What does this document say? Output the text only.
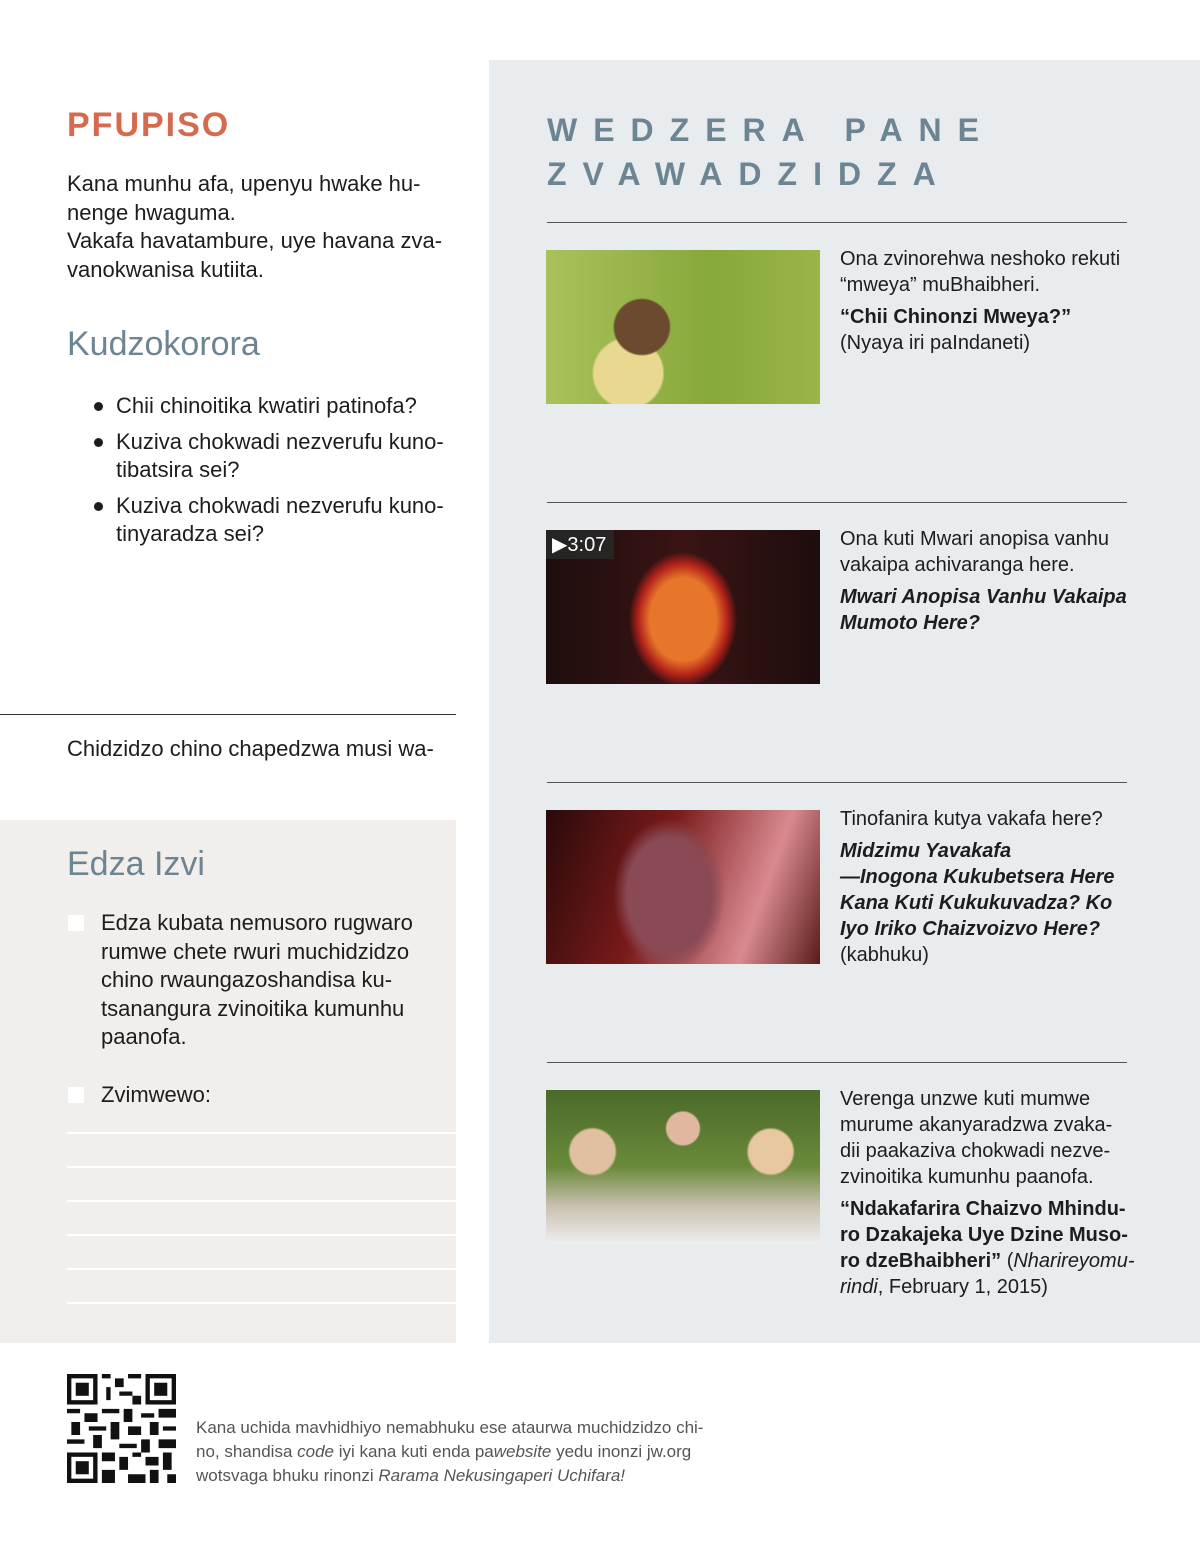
PFUPISO
Kana munhu afa, upenyu hwake hu-
nenge hwaguma.
Vakafa havatambure, uye havana zva-
vanokwanisa kutiita.
Kudzokorora
Chii chinoitika kwatiri patinofa?
Kuziva chokwadi nezverufu kuno-
tibatsira sei?
Kuziva chokwadi nezverufu kuno-
tinyaradza sei?
Chidzidzo chino chapedzwa musi wa-
Edza Izvi
Edza kubata nemusoro rugwaro
rumwe chete rwuri muchidzidzo
chino rwaungazoshandisa ku-
tsanangura zvinoitika kumunhu
paanofa.
Zvimwewo:
WEDZERA PANE
ZVAWADZIDZA
Ona zvinorehwa neshoko rekuti
“mweya” muBhaibheri.
“Chii Chinonzi Mweya?”
(Nyaya iri paIndaneti)
▶3:07	Ona kuti Mwari anopisa vanhu
vakaipa achivaranga here.
Mwari Anopisa Vanhu Vakaipa
Mumoto Here?
Tinofanira kutya vakafa here?
Midzimu Yavakafa
—Inogona Kukubetsera Here
Kana Kuti Kukukuvadza? Ko
Iyo Iriko Chaizvoizvo Here?
(kabhuku)
Verenga unzwe kuti mumwe
murume akanyaradzwa zvaka-
dii paakaziva chokwadi nezve-
zvinoitika kumunhu paanofa.
“Ndakafarira Chaizvo Mhindu-
ro Dzakajeka Uye Dzine Muso-
ro dzeBhaibheri” (Nharireyomu-
rindi, February 1, 2015)
Kana uchida mavhidhiyo nemabhuku ese ataurwa muchidzidzo chi-
no, shandisa code iyi kana kuti enda pawebsite yedu inonzi jw.org
wotsvaga bhuku rinonzi Rarama Nekusingaperi Uchifara!
